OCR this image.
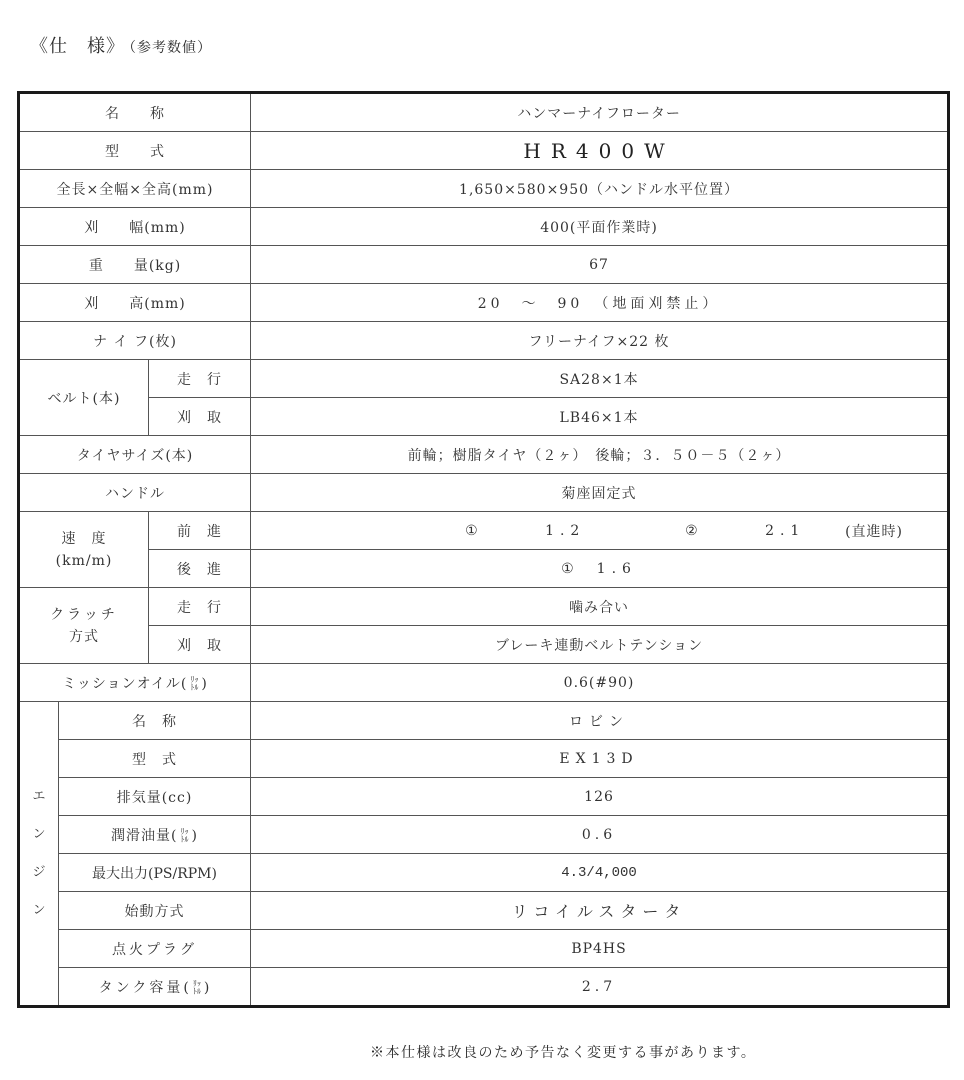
《仕　様》 （参考数値）
名　　称			ハンマーナイフローター
型　　式			HR400W
全長×全幅×全高(mm)			1,650×580×950（ハンドル水平位置）
刈　　幅(mm)			400(平面作業時)
重　　量(kg)			67
刈　　高(mm)			20　～　90　（地面刈禁止）
ナ イ フ(枚)			フリーナイフ×22 枚
ベルト(本)		走　行	SA28×1本
		刈　取	LB46×1本
タイヤサイズ(本)			前輪；樹脂タイヤ（２ヶ）　後輪；３．５０－５（２ヶ）
ハンドル			菊座固定式

速　度
(km/m)		前　進	① 1.2 ② 2.1 (直進時)

		後　進	① 1.6

クラッチ
方式		走　行	噛み合い
		刈　取	ブレーキ連動ベルトテンション
ミッションオイル( ﾘｯ
ﾄﾙ )			0.6(#90)

エ
ン
ジ
ン	名　称		ロビン
	型　式		EX13D
	排気量(cc)		126
	潤滑油量( ﾘｯ
ﾄﾙ )		0.6
	最大出力(PS/RPM)		4.3/4,000
	始動方式		リコイルスタータ
	点火プラグ		BP4HS
	タンク容量( ﾘｯ
ﾄﾙ )		2.7
※本仕様は改良のため予告なく変更する事があります。
